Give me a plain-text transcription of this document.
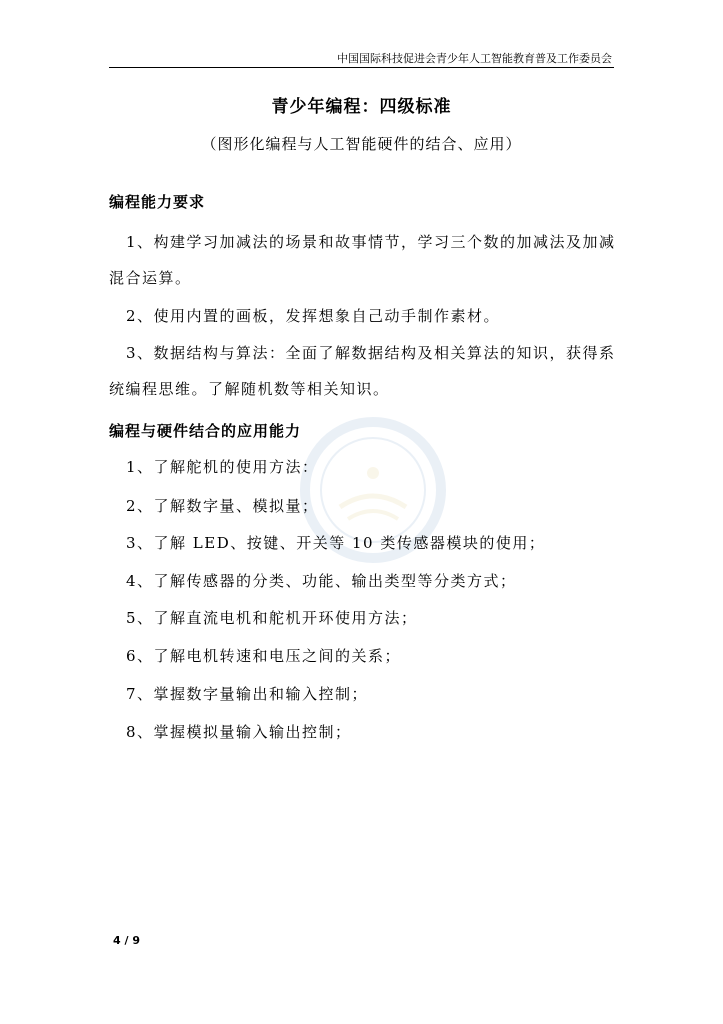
中国国际科技促进会青少年人工智能教育普及工作委员会
青少年编程：四级标准
（图形化编程与人工智能硬件的结合、应用）
编程能力要求
1、构建学习加减法的场景和故事情节，学习三个数的加减法及加减混合运算。
2、使用内置的画板，发挥想象自己动手制作素材。
3、数据结构与算法：全面了解数据结构及相关算法的知识，获得系统编程思维。了解随机数等相关知识。
编程与硬件结合的应用能力
1、了解舵机的使用方法：
2、了解数字量、模拟量；
3、了解 LED、按键、开关等 10 类传感器模块的使用；
4、了解传感器的分类、功能、输出类型等分类方式；
5、了解直流电机和舵机开环使用方法；
6、了解电机转速和电压之间的关系；
7、掌握数字量输出和输入控制；
8、掌握模拟量输入输出控制；
4 / 9
